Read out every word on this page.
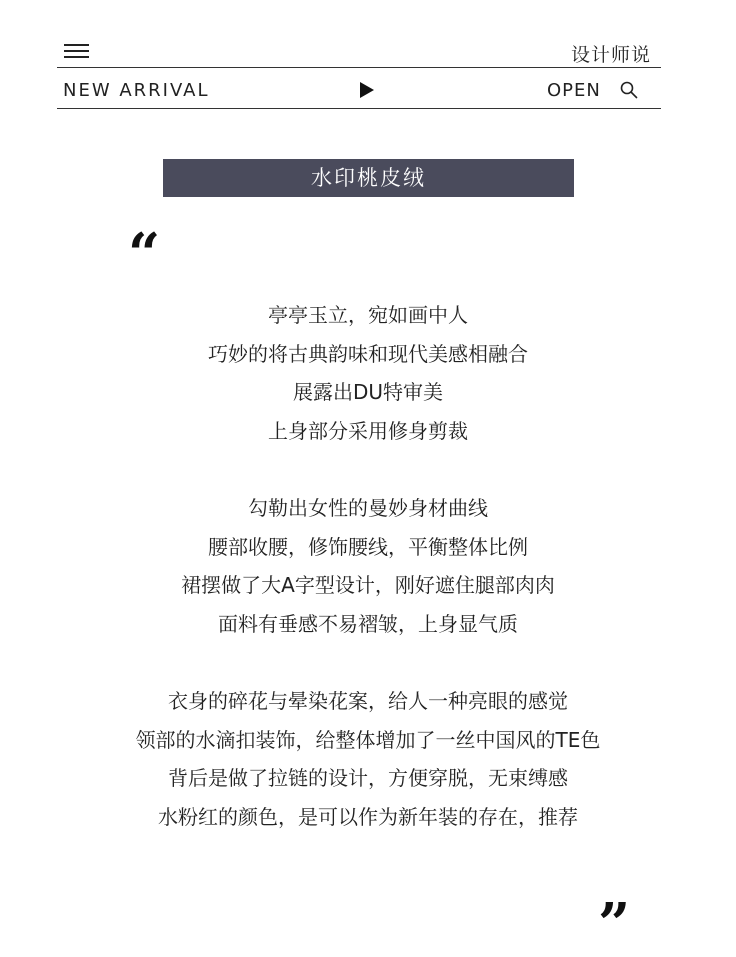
设计师说
NEW ARRIVAL	OPEN
水印桃皮绒
“
亭亭玉立，宛如画中人
巧妙的将古典韵味和现代美感相融合
展露出DU特审美
上身部分采用修身剪裁
勾勒出女性的曼妙身材曲线
腰部收腰，修饰腰线，平衡整体比例
裙摆做了大A字型设计，刚好遮住腿部肉肉
面料有垂感不易褶皱，上身显气质
衣身的碎花与晕染花案，给人一种亮眼的感觉
领部的水滴扣装饰，给整体增加了一丝中国风的TE色
背后是做了拉链的设计，方便穿脱，无束缚感
水粉红的颜色，是可以作为新年装的存在，推荐
”
